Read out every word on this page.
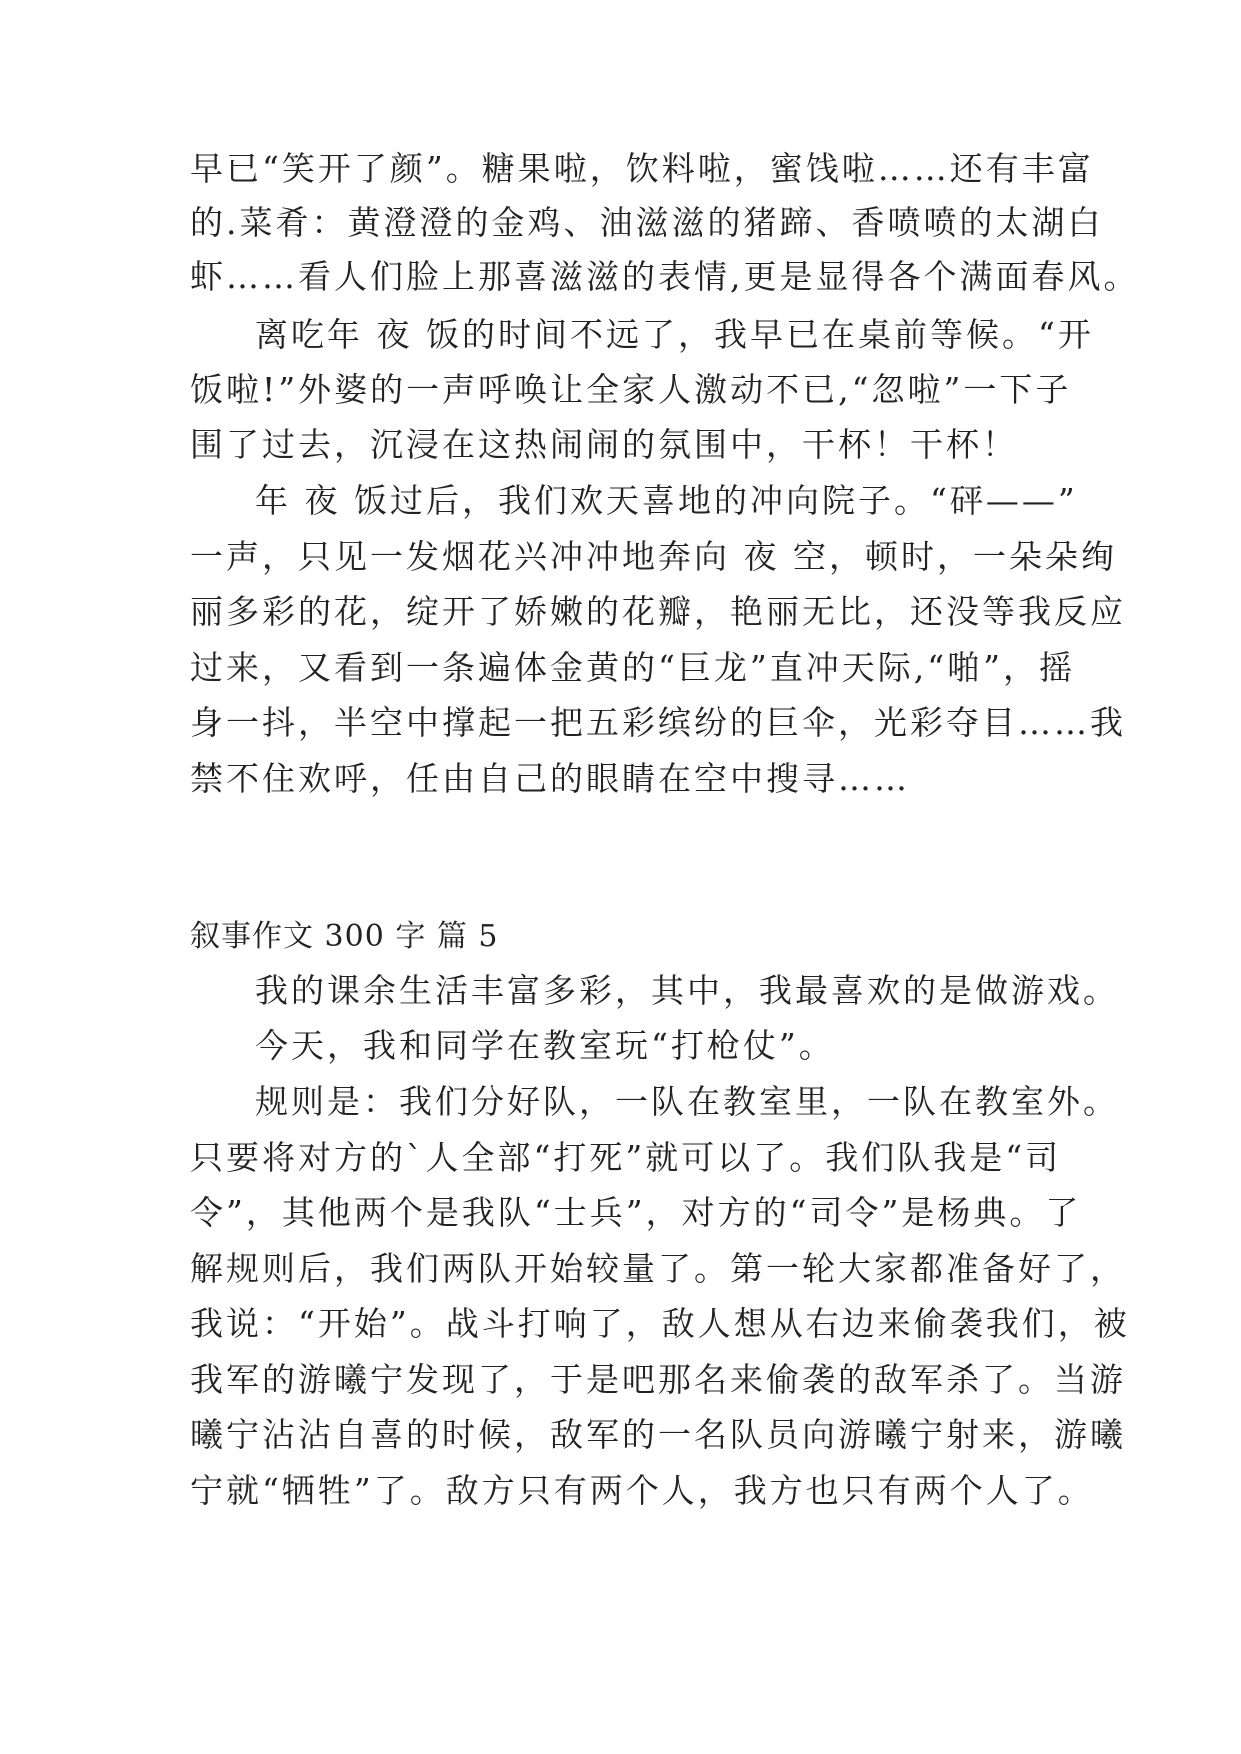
早已“笑开了颜”。糖果啦，饮料啦，蜜饯啦……还有丰富
的.菜肴：黄澄澄的金鸡、油滋滋的猪蹄、香喷喷的太湖白
虾……看人们脸上那喜滋滋的表情,更是显得各个满面春风。
离吃年 夜 饭的时间不远了，我早已在桌前等候。“开
饭啦!”外婆的一声呼唤让全家人激动不已,“忽啦”一下子
围了过去，沉浸在这热闹闹的氛围中，干杯！干杯！
年 夜 饭过后，我们欢天喜地的冲向院子。“砰——”
一声，只见一发烟花兴冲冲地奔向 夜 空，顿时，一朵朵绚
丽多彩的花，绽开了娇嫩的花瓣，艳丽无比，还没等我反应
过来，又看到一条遍体金黄的“巨龙”直冲天际,“啪”，摇
身一抖，半空中撑起一把五彩缤纷的巨伞，光彩夺目……我
禁不住欢呼，任由自己的眼睛在空中搜寻……
叙事作文 300 字 篇 5
我的课余生活丰富多彩，其中，我最喜欢的是做游戏。
今天，我和同学在教室玩“打枪仗”。
规则是：我们分好队，一队在教室里，一队在教室外。
只要将对方的`人全部“打死”就可以了。我们队我是“司
令”，其他两个是我队“士兵”，对方的“司令”是杨典。了
解规则后，我们两队开始较量了。第一轮大家都准备好了，
我说：“开始”。战斗打响了，敌人想从右边来偷袭我们，被
我军的游曦宁发现了，于是吧那名来偷袭的敌军杀了。当游
曦宁沾沾自喜的时候，敌军的一名队员向游曦宁射来，游曦
宁就“牺牲”了。敌方只有两个人，我方也只有两个人了。
